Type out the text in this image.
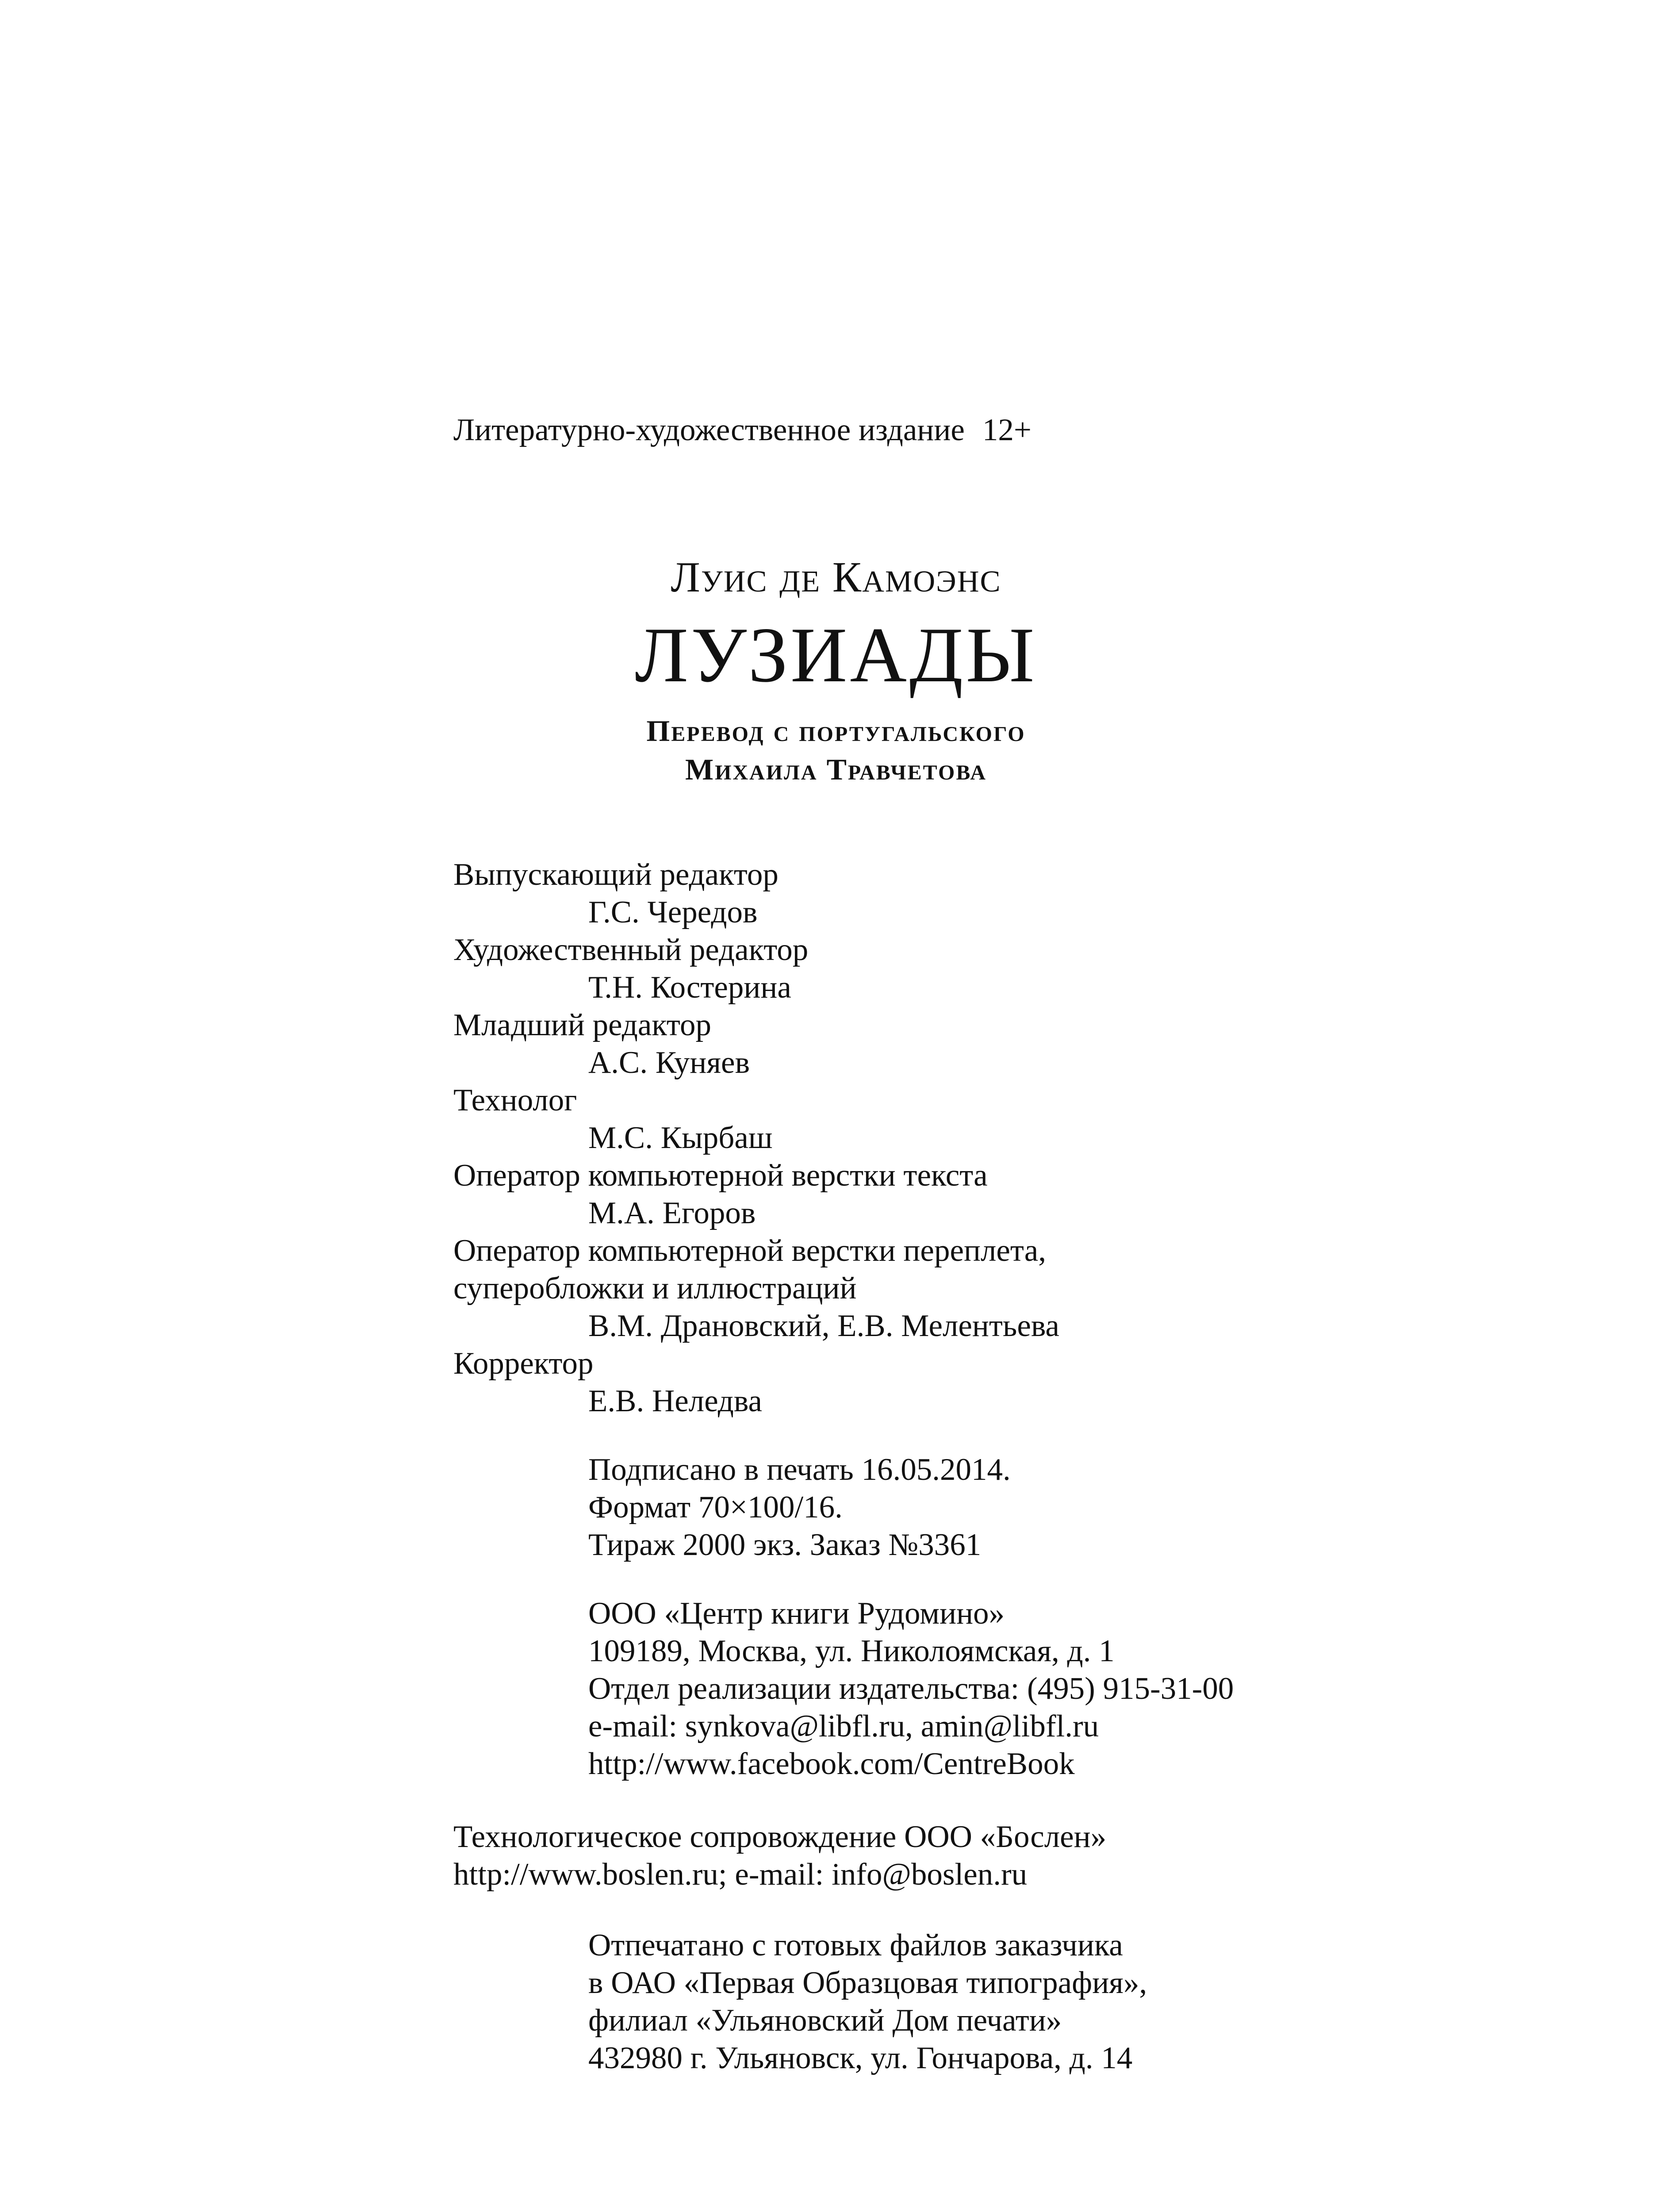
Литературно-художественное издание 12+
Луис де Камоэнс
ЛУЗИАДЫ
Перевод с португальского
Михаила Травчетова
Выпускающий редактор
Г.С. Чередов
Художественный редактор
Т.Н. Костерина
Младший редактор
А.С. Куняев
Технолог
М.С. Кырбаш
Оператор компьютерной верстки текста
М.А. Егоров
Оператор компьютерной верстки переплета,
суперобложки и иллюстраций
В.М. Драновский, Е.В. Мелентьева
Корректор
Е.В. Неледва
Подписано в печать 16.05.2014.
Формат 70×100/16.
Тираж 2000 экз. Заказ №3361
ООО «Центр книги Рудомино»
109189, Москва, ул. Николоямская, д. 1
Отдел реализации издательства: (495) 915-31-00
e-mail: synkova@libfl.ru, amin@libfl.ru
http://www.facebook.com/CentreBook
Технологическое сопровождение ООО «Бослен»
http://www.boslen.ru; e-mail: info@boslen.ru
Отпечатано с готовых файлов заказчика
в ОАО «Первая Образцовая типография»,
филиал «Ульяновский Дом печати»
432980 г. Ульяновск, ул. Гончарова, д. 14
